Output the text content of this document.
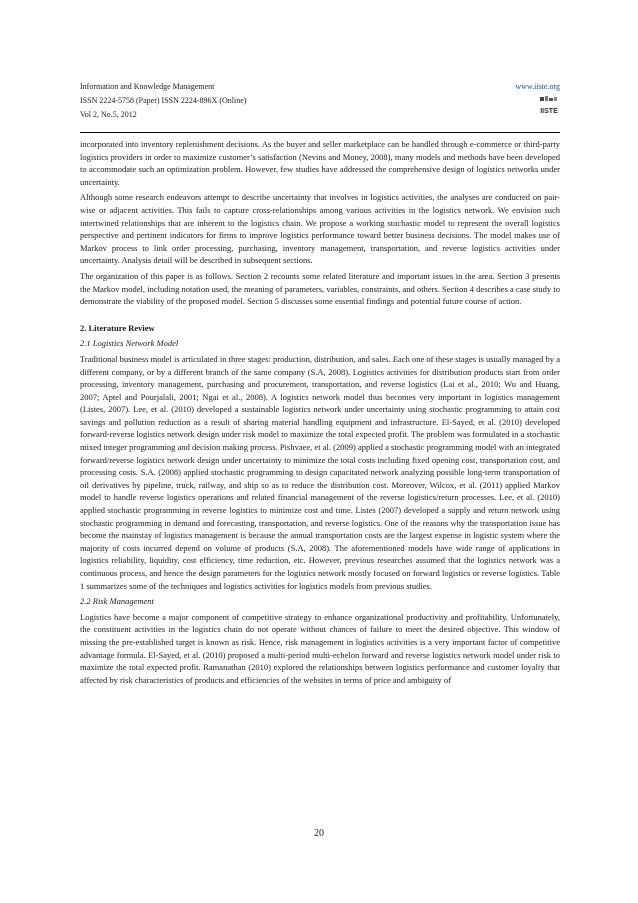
Information and Knowledge Management
ISSN 2224-5758 (Paper) ISSN 2224-896X (Online)
Vol 2, No.5, 2012
www.iiste.org
IISTE

incorporated into inventory replenishment decisions. As the buyer and seller marketplace can be handled through e-commerce or third-party logistics providers in order to maximize customer’s satisfaction (Nevins and Money, 2008), many models and methods have been developed to accommodate such an optimization problem. However, few studies have addressed the comprehensive design of logistics networks under uncertainty.

Although some research endeavors attempt to describe uncertainty that involves in logistics activities, the analyses are conducted on pair-wise or adjacent activities. This fails to capture cross-relationships among various activities in the logistics network. We envision such intertwined relationships that are inherent to the logistics chain. We propose a working stochastic model to represent the overall logistics perspective and pertinent indicators for firms to improve logistics performance toward better business decisions. The model makes use of Markov process to link order processing, purchasing, inventory management, transportation, and reverse logistics activities under uncertainty. Analysis detail will be described in subsequent sections.

The organization of this paper is as follows. Section 2 recounts some related literature and important issues in the area. Section 3 presents the Markov model, including notation used, the meaning of parameters, variables, constraints, and others. Section 4 describes a case study to demonstrate the viability of the proposed model. Section 5 discusses some essential findings and potential future course of action.

2. Literature Review
2.1 Logistics Network Model

Traditional business model is articulated in three stages: production, distribution, and sales. Each one of these stages is usually managed by a different company, or by a different branch of the same company (S.A, 2008). Logistics activities for distribution products start from order processing, inventory management, purchasing and procurement, transportation, and reverse logistics (Lai et al., 2010; Wu and Huang, 2007; Aptel and Pourjalali, 2001; Ngai et al., 2008). A logistics network model thus becomes very important in logistics management (Listes, 2007). Lee, et al. (2010) developed a sustainable logistics network under uncertainty using stochastic programming to attain cost savings and pollution reduction as a result of sharing material handling equipment and infrastructure. El-Sayed, et al. (2010) developed forward-reverse logistics network design under risk model to maximize the total expected profit. The problem was formulated in a stochastic mixed integer programming and decision making process. Pishvaee, et al. (2009) applied a stochastic programming model with an integrated forward/reverse logistics network design under uncertainty to minimize the total costs including fixed opening cost, transportation cost, and processing costs. S.A. (2008) applied stochastic programming to design capacitated network analyzing possible long-term transportation of oil derivatives by pipeline, truck, railway, and ship so as to reduce the distribution cost. Moreover, Wilcox, et al. (2011) applied Markov model to handle reverse logistics operations and related financial management of the reverse logistics/return processes. Lee, et al. (2010) applied stochastic programming in reverse logistics to minimize cost and time. Listes (2007) developed a supply and return network using stochastic programming in demand and forecasting, transportation, and reverse logistics. One of the reasons why the transportation issue has become the mainstay of logistics management is because the annual transportation costs are the largest expense in logistic system where the majority of costs incurred depend on volume of products (S.A, 2008). The aforementioned models have wide range of applications in logistics reliability, liquidity, cost efficiency, time reduction, etc. However, previous researches assumed that the logistics network was a continuous process, and hence the design parameters for the logistics network mostly focused on forward logistics or reverse logistics. Table 1 summarizes some of the techniques and logistics activities for logistics models from previous studies.

2.2 Risk Management

Logistics have become a major component of competitive strategy to enhance organizational productivity and profitability. Unfortunately, the constituent activities in the logistics chain do not operate without chances of failure to meet the desired objective. This window of missing the pre-established target is known as risk. Hence, risk management in logistics activities is a very important factor of competitive advantage formula. El-Sayed, et al. (2010) proposed a multi-period multi-echelon forward and reverse logistics network model under risk to maximize the total expected profit. Ramanathan (2010) explored the relationships between logistics performance and customer loyalty that affected by risk characteristics of products and efficiencies of the websites in terms of price and ambiguity of

20
